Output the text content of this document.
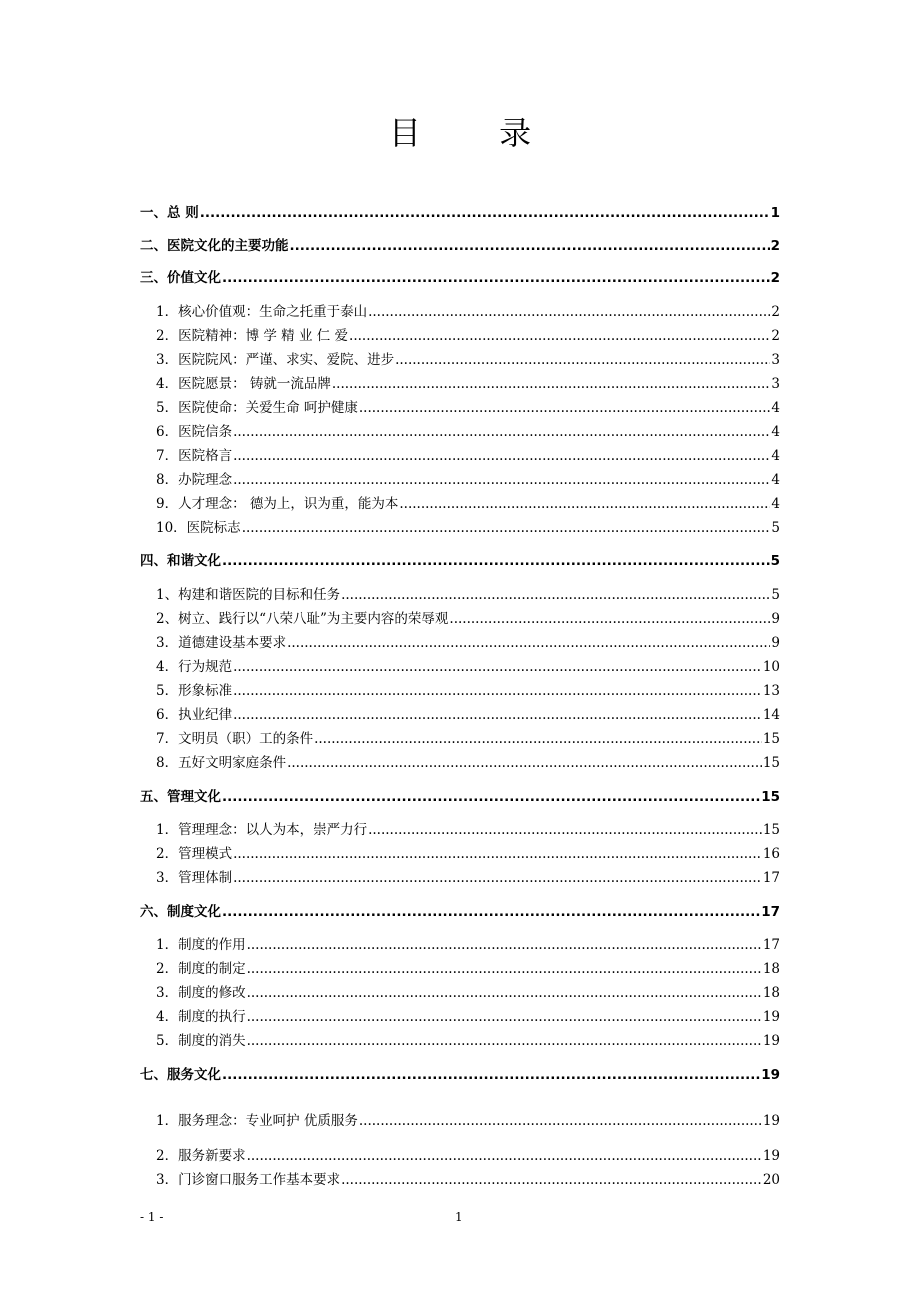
目 录
一、总 则 .....	1
二、医院文化的主要功能 .....	2
三、价值文化 .....	2
1．核心价值观：生命之托重于泰山 .....	2
2．医院精神：博 学 精 业 仁 爱 .....	2
3．医院院风：严谨、求实、爱院、进步 .....	3
4．医院愿景： 铸就一流品牌 .....	3
5．医院使命：关爱生命 呵护健康 .....	4
6．医院信条 .....	4
7．医院格言 .....	4
8．办院理念 .....	4
9．人才理念： 德为上，识为重，能为本 .....	4
10．医院标志 .....	5
四、和谐文化 .....	5
1、构建和谐医院的目标和任务 .....	5
2、树立、践行以“八荣八耻”为主要内容的荣辱观 .....	9
3．道德建设基本要求 .....	9
4．行为规范 .....	10
5．形象标准 .....	13
6．执业纪律 .....	14
7．文明员（职）工的条件 .....	15
8．五好文明家庭条件 .....	15
五、管理文化 .....	15
1．管理理念：以人为本，崇严力行 .....	15
2．管理模式 .....	16
3．管理体制 .....	17
六、制度文化 .....	17
1．制度的作用 .....	17
2．制度的制定 .....	18
3．制度的修改 .....	18
4．制度的执行 .....	19
5．制度的消失 .....	19
七、服务文化 .....	19
1．服务理念：专业呵护 优质服务 .....	19
2．服务新要求 .....	19
3．门诊窗口服务工作基本要求 .....	20
- 1 -	1
